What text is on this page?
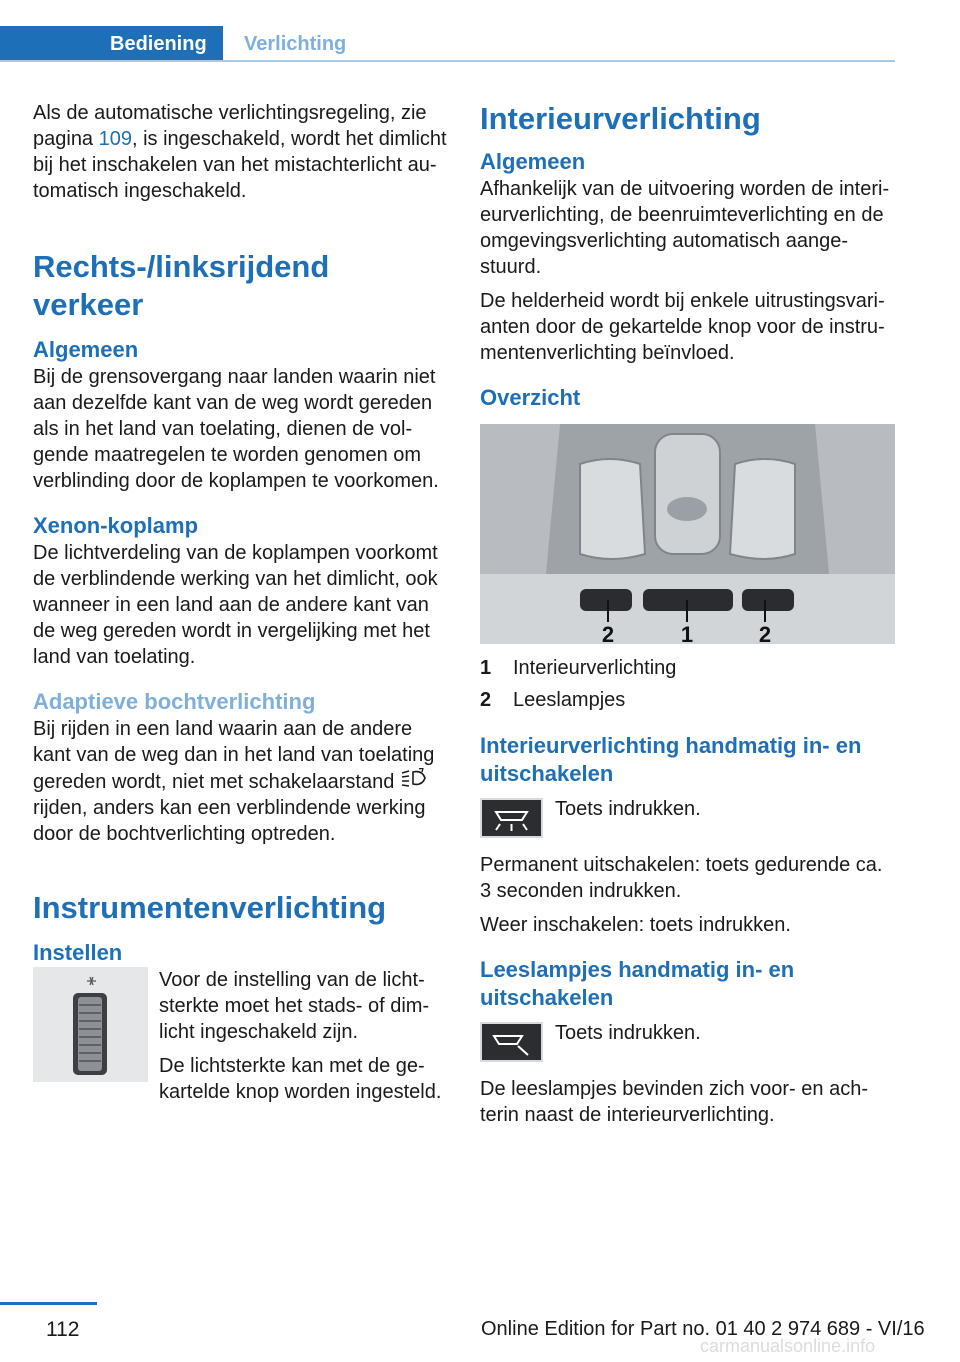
Bediening	Verlichting

Als de automatische verlichtingsregeling, zie pagina 109, is ingeschakeld, wordt het dimlicht bij het inschakelen van het mistachterlicht automatisch ingeschakeld.

Rechts-/linksrijdend verkeer
Algemeen

Bij de grensovergang naar landen waarin niet aan dezelfde kant van de weg wordt gereden als in het land van toelating, dienen de volgende maatregelen te worden genomen om verblinding door de koplampen te voorkomen.

Xenon-koplamp

De lichtverdeling van de koplampen voorkomt de verblindende werking van het dimlicht, ook wanneer in een land aan de andere kant van de weg gereden wordt in vergelijking met het land van toelating.

Adaptieve bochtverlichting

Bij rijden in een land waarin aan de andere kant van de weg dan in het land van toelating gereden wordt, niet met schakelaarstand  rijden, anders kan een verblindende werking door de bochtverlichting optreden.

Instrumentenverlichting
Instellen

Voor de instelling van de lichtsterkte moet het stads- of dimlicht ingeschakeld zijn.

De lichtsterkte kan met de gekartelde knop worden ingesteld.

Interieurverlichting
Algemeen

Afhankelijk van de uitvoering worden de interieurverlichting, de beenruimteverlichting en de omgevingsverlichting automatisch aangestuurd.

De helderheid wordt bij enkele uitrustingsvarianten door de gekartelde knop voor de instrumentenverlichting beïnvloed.

Overzicht
2	1	2
1	Interieurverlichting
2	Leeslampjes
Interieurverlichting handmatig in- en uitschakelen

Toets indrukken.

Permanent uitschakelen: toets gedurende ca. 3 seconden indrukken.

Weer inschakelen: toets indrukken.

Leeslampjes handmatig in- en uitschakelen

Toets indrukken.

De leeslampjes bevinden zich voor- en achterin naast de interieurverlichting.

112	Online Edition for Part no. 01 40 2 974 689 - VI/16
carmanualsonline.info
